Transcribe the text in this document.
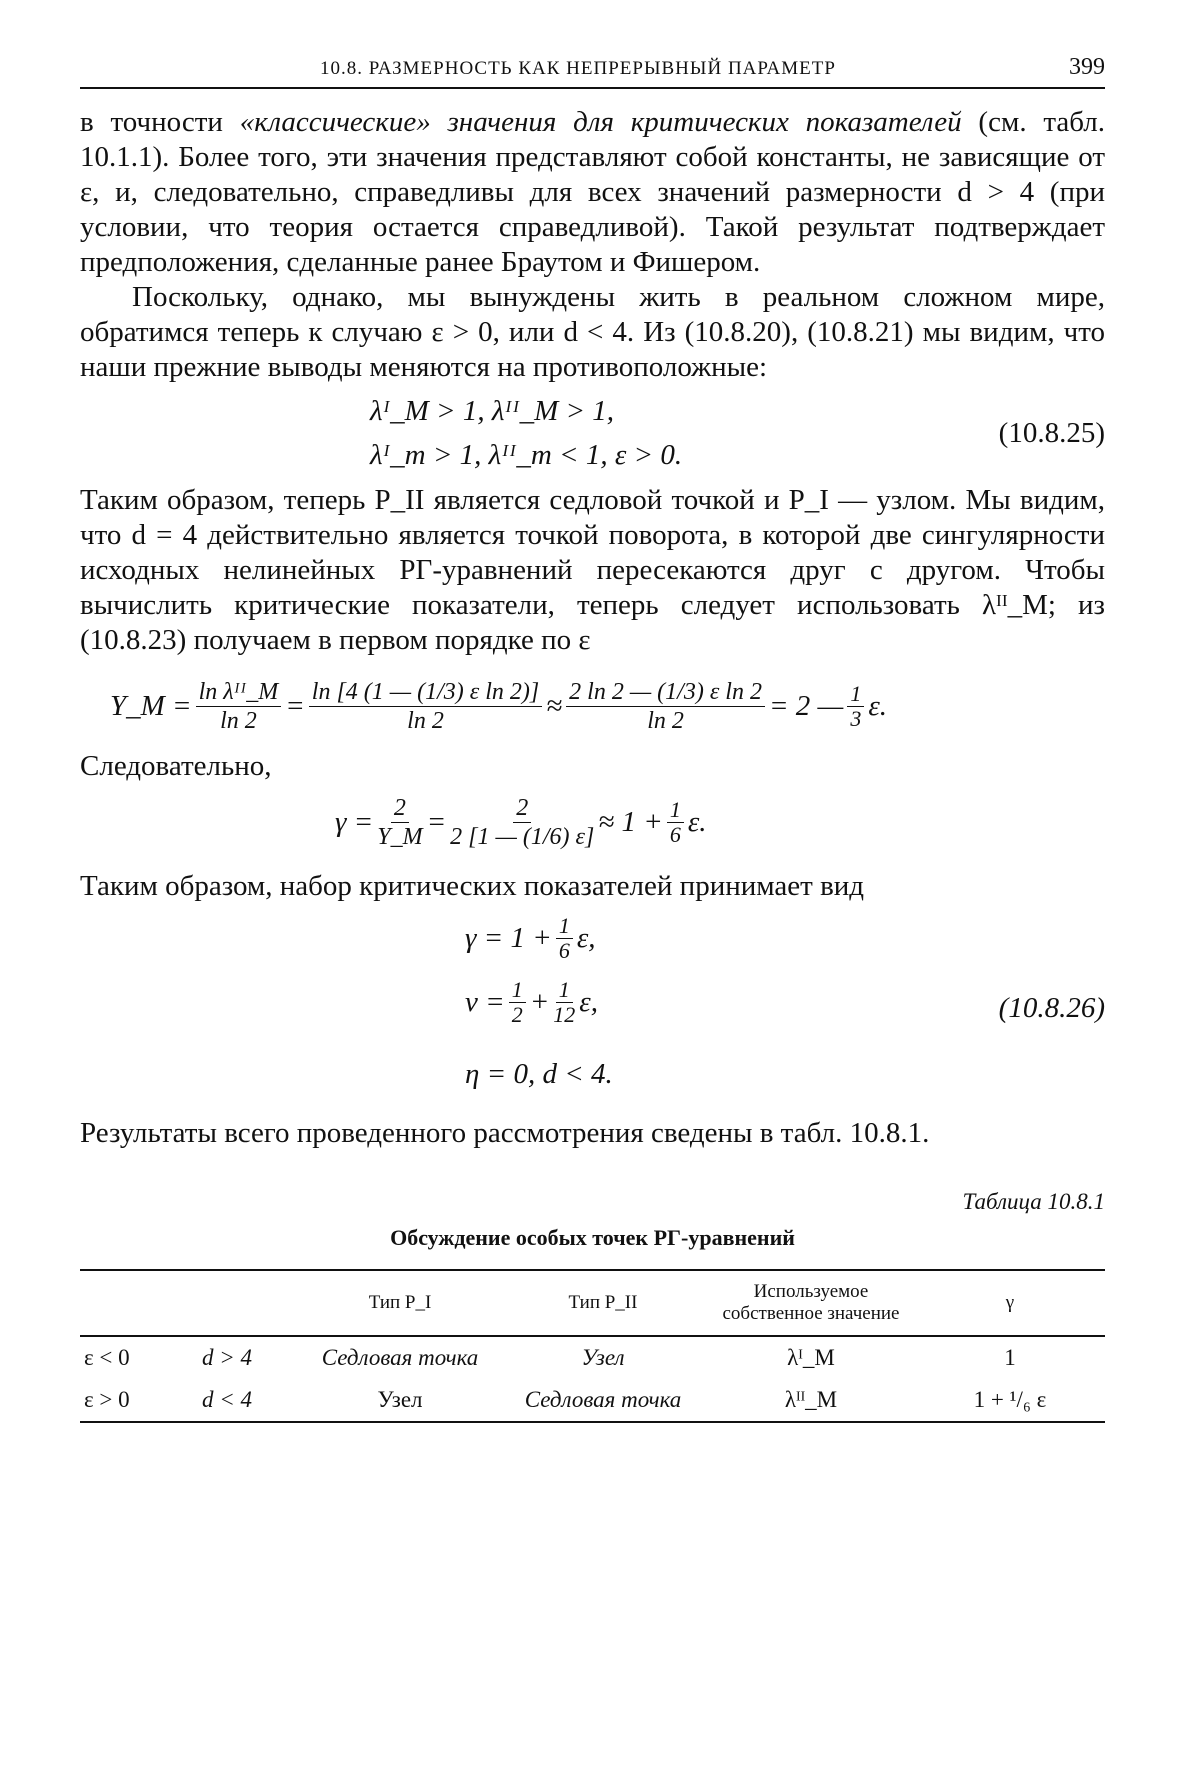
10.8. РАЗМЕРНОСТЬ КАК НЕПРЕРЫВНЫЙ ПАРАМЕТР	399

в точности «классические» значения для критических показателей (см. табл. 10.1.1). Более того, эти значения представляют собой константы, не зависящие от ε, и, следовательно, справедливы для всех значений размерности d > 4 (при условии, что теория остается справедливой). Такой результат подтверждает предположения, сделанные ранее Браутом и Фишером.

Поскольку, однако, мы вынуждены жить в реальном сложном мире, обратимся теперь к случаю ε > 0, или d < 4. Из (10.8.20), (10.8.21) мы видим, что наши прежние выводы меняются на противоположные:

λᴵ_M > 1, λᴵᴵ_M > 1,
λᴵ_m > 1, λᴵᴵ_m < 1, ε > 0.
(10.8.25)

Таким образом, теперь P_II является седловой точкой и P_I — узлом. Мы видим, что d = 4 действительно является точкой поворота, в которой две сингулярности исходных нелинейных РГ-уравнений пересекаются друг с другом. Чтобы вычислить критические показатели, теперь следует использовать λᴵᴵ_M; из (10.8.23) получаем в первом порядке по ε

Y_M = $\frac{\text{ln λᴵᴵ\_M}}{\ln 2} = \frac{\text{ln [4 (1 — (1/3) ε ln 2)]}}{\ln 2} \approx \frac{\text{2 ln 2 — (1/3) ε ln 2}}{\ln 2} = 2$ — $\frac{1}{3} \varepsilon$.

Следовательно,

$\gamma = \frac{2}{Y\_M} = \frac{2}{2 [1 — (1/6) \varepsilon]} \approx 1 + \frac{1}{6} \varepsilon$.

Таким образом, набор критических показателей принимает вид

$\gamma = 1 + \frac{1}{6} \varepsilon$,
$\nu = \frac{1}{2} + \frac{1}{12} \varepsilon$,
η = 0, d < 4.
(10.8.26)

Результаты всего проведенного рассмотрения сведены в табл. 10.8.1.

Таблица 10.8.1
Обсуждение особых точек РГ-уравнений
		Тип P_I	Тип P_II	Используемое собственное значение	γ
ε < 0	d > 4	Седловая точка	Узел	λᴵ_M	1
ε > 0	d < 4	Узел	Седловая точка	λᴵᴵ_M	1 + ¹/₆ ε
